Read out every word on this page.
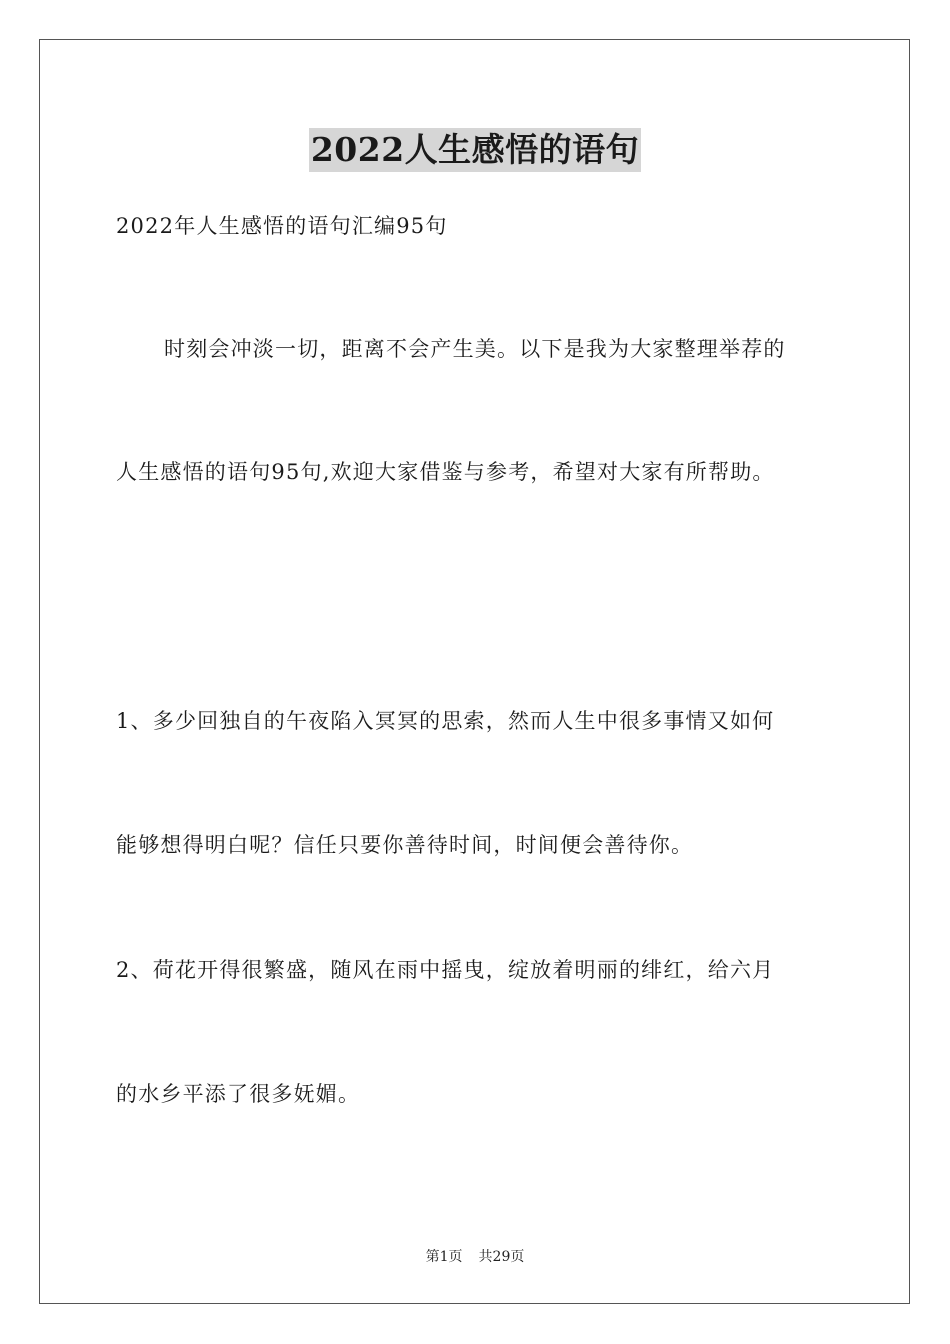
2022人生感悟的语句
2022年人生感悟的语句汇编95句
时刻会冲淡一切，距离不会产生美。以下是我为大家整理举荐的
人生感悟的语句95句,欢迎大家借鉴与参考，希望对大家有所帮助。
1、多少回独自的午夜陷入冥冥的思索，然而人生中很多事情又如何
能够想得明白呢？信任只要你善待时间，时间便会善待你。
2、荷花开得很繁盛，随风在雨中摇曳，绽放着明丽的绯红，给六月
的水乡平添了很多妩媚。
第1页 共29页
